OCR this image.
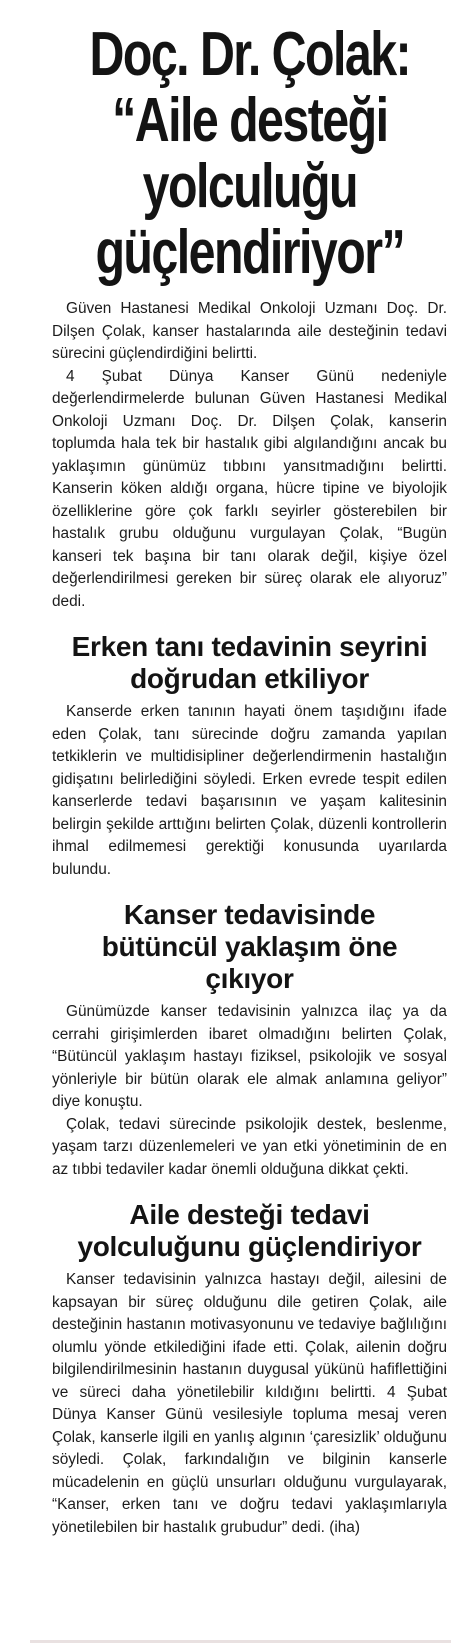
Doç. Dr. Çolak:
“Aile desteği
yolculuğu
güçlendiriyor”

Güven Hastanesi Medikal Onkoloji Uzmanı Doç. Dr. Dilşen Çolak, kanser hastalarında aile desteğinin tedavi sürecini güçlendirdiğini belirtti.

4 Şubat Dünya Kanser Günü nedeniyle değerlendirmelerde bulunan Güven Hastanesi Medikal Onkoloji Uzmanı Doç. Dr. Dilşen Çolak, kanserin toplumda hala tek bir hastalık gibi algılandığını ancak bu yaklaşımın günümüz tıbbını yansıtmadığını belirtti. Kanserin köken aldığı organa, hücre tipine ve biyolojik özelliklerine göre çok farklı seyirler gösterebilen bir hastalık grubu olduğunu vurgulayan Çolak, “Bugün kanseri tek başına bir tanı olarak değil, kişiye özel değerlendirilmesi gereken bir süreç olarak ele alıyoruz” dedi.

Erken tanı tedavinin seyrini
doğrudan etkiliyor

Kanserde erken tanının hayati önem taşıdığını ifade eden Çolak, tanı sürecinde doğru zamanda yapılan tetkiklerin ve multidisipliner değerlendirmenin hastalığın gidişatını belirlediğini söyledi. Erken evrede tespit edilen kanserlerde tedavi başarısının ve yaşam kalitesinin belirgin şekilde arttığını belirten Çolak, düzenli kontrollerin ihmal edilmemesi gerektiği konusunda uyarılarda bulundu.

Kanser tedavisinde
bütüncül yaklaşım öne
çıkıyor

Günümüzde kanser tedavisinin yalnızca ilaç ya da cerrahi girişimlerden ibaret olmadığını belirten Çolak, “Bütüncül yaklaşım hastayı fiziksel, psikolojik ve sosyal yönleriyle bir bütün olarak ele almak anlamına geliyor” diye konuştu.

Çolak, tedavi sürecinde psikolojik destek, beslenme, yaşam tarzı düzenlemeleri ve yan etki yönetiminin de en az tıbbi tedaviler kadar önemli olduğuna dikkat çekti.

Aile desteği tedavi
yolculuğunu güçlendiriyor

Kanser tedavisinin yalnızca hastayı değil, ailesini de kapsayan bir süreç olduğunu dile getiren Çolak, aile desteğinin hastanın motivasyonunu ve tedaviye bağlılığını olumlu yönde etkilediğini ifade etti. Çolak, ailenin doğru bilgilendirilmesinin hastanın duygusal yükünü hafiflettiğini ve süreci daha yönetilebilir kıldığını belirtti. 4 Şubat Dünya Kanser Günü vesilesiyle topluma mesaj veren Çolak, kanserle ilgili en yanlış algının ‘çaresizlik’ olduğunu söyledi. Çolak, farkındalığın ve bilginin kanserle mücadelenin en güçlü unsurları olduğunu vurgulayarak, “Kanser, erken tanı ve doğru tedavi yaklaşımlarıyla yönetilebilen bir hastalık grubudur” dedi. (iha)
